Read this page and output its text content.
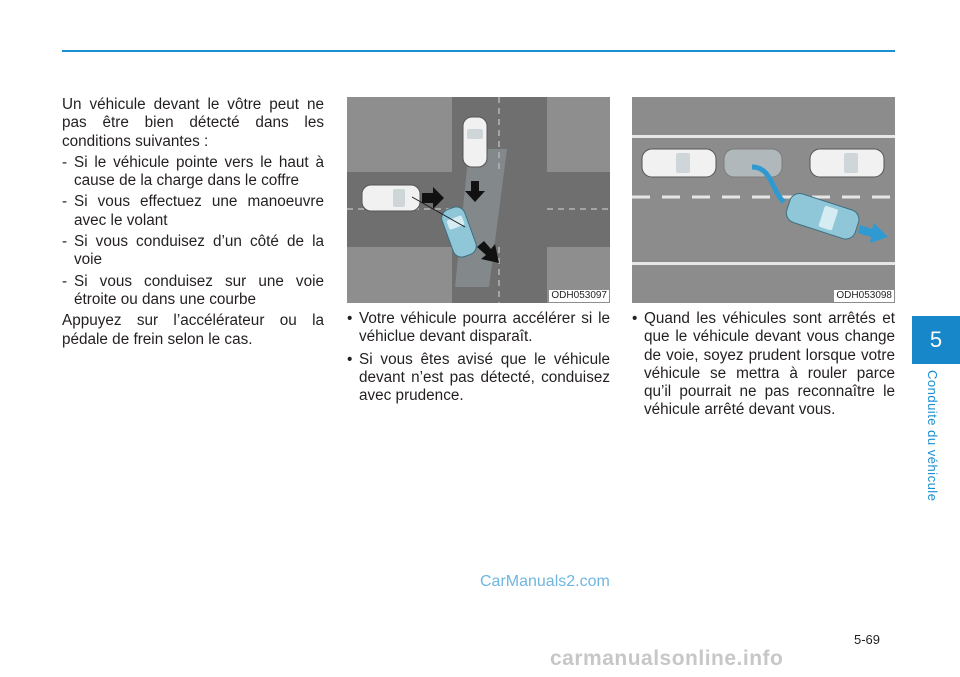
Un véhicule devant le vôtre peut ne pas être bien détecté dans les conditions suivantes :

- Si le véhicule pointe vers le haut à cause de la charge dans le coffre
- Si vous effectuez une manoeuvre avec le volant
- Si vous conduisez d’un côté de la voie
- Si vous conduisez sur une voie étroite ou dans une courbe

Appuyez sur l’accélérateur ou la pédale de frein selon le cas.

ODH053097
• Votre véhicule pourra accélérer si le véhiclue devant disparaît.
• Si vous êtes avisé que le véhicule devant n’est pas détecté, conduisez avec prudence.
ODH053098
• Quand les véhicules sont arrêtés et que le véhicule devant vous change de voie, soyez prudent lorsque votre véhicule se mettra à rouler parce qu’il pourrait ne pas reconnaître le véhicule arrêté devant vous.
5
Conduite du véhicule
5-69
CarManuals2.com
carmanualsonline.info
